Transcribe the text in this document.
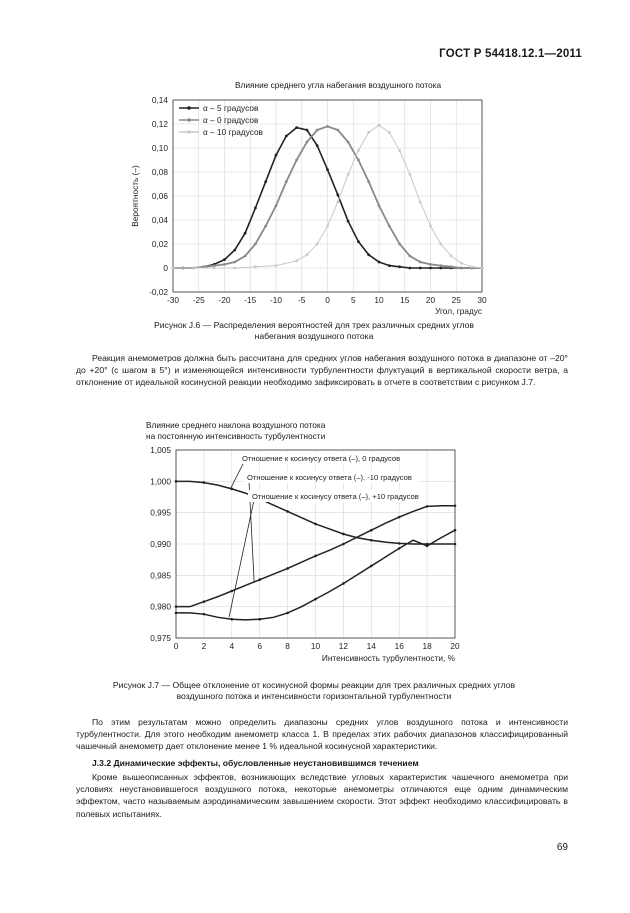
ГОСТ Р 54418.12.1—2011
Влияние среднего угла набегания воздушного потока
-30 -25 -20 -15 -10 -5 0	5 10 15 20 25 30
-0,02
0
0,02
0,04
0,06
0,08
0,10
0,12
0,14
Угол, градус
Вероятность (–)
α – 5 градусов
α – 0 градусов
α – 10 градусов
Рисунок J.6 — Распределения вероятностей для трех различных средних углов
набегания воздушного потока

Реакция анемометров должна быть рассчитана для средних углов набегания воздушного потока в диапазоне от –20° до +20° (с шагом в 5°) и изменяющейся интенсивности турбулентности флуктуаций в вертикальной скорости ветра, а отклонение от идеальной косинусной реакции необходимо зафиксировать в отчете в соответствии с рисунком J.7.

Влияние среднего наклона воздушного потока
на постоянную интенсивность турбулентности
0	2	4	6	8	10 12 14 16 18 20
0,975
0,980
0,985
0,990
0,995
1,000
1,005
Интенсивность турбулентности, %
Отношение к косинусу ответа (–), 0 градусов
Отношение к косинусу ответа (–). -10 градусов
Отношение к косинусу ответа (–), +10 градусов
Рисунок J.7 — Общее отклонение от косинусной формы реакции для трех различных средних углов
воздушного потока и интенсивности горизонтальной турбулентности

По этим результатам можно определить диапазоны средних углов воздушного потока и интенсивности турбулентности. Для этого необходим анемометр класса 1. В пределах этих рабочих диапазонов классифицированный чашечный анемометр дает отклонение менее 1 % идеальной косинусной характеристики.

J.3.2 Динамические эффекты, обусловленные неустановившимся течением

Кроме вышеописанных эффектов, возникающих вследствие угловых характеристик чашечного анемометра при условиях неустановившегося воздушного потока, некоторые анемометры отличаются еще одним динамическим эффектом, часто называемым аэродинамическим завышением скорости. Этот эффект необходимо классифицировать в полевых испытаниях.

69
